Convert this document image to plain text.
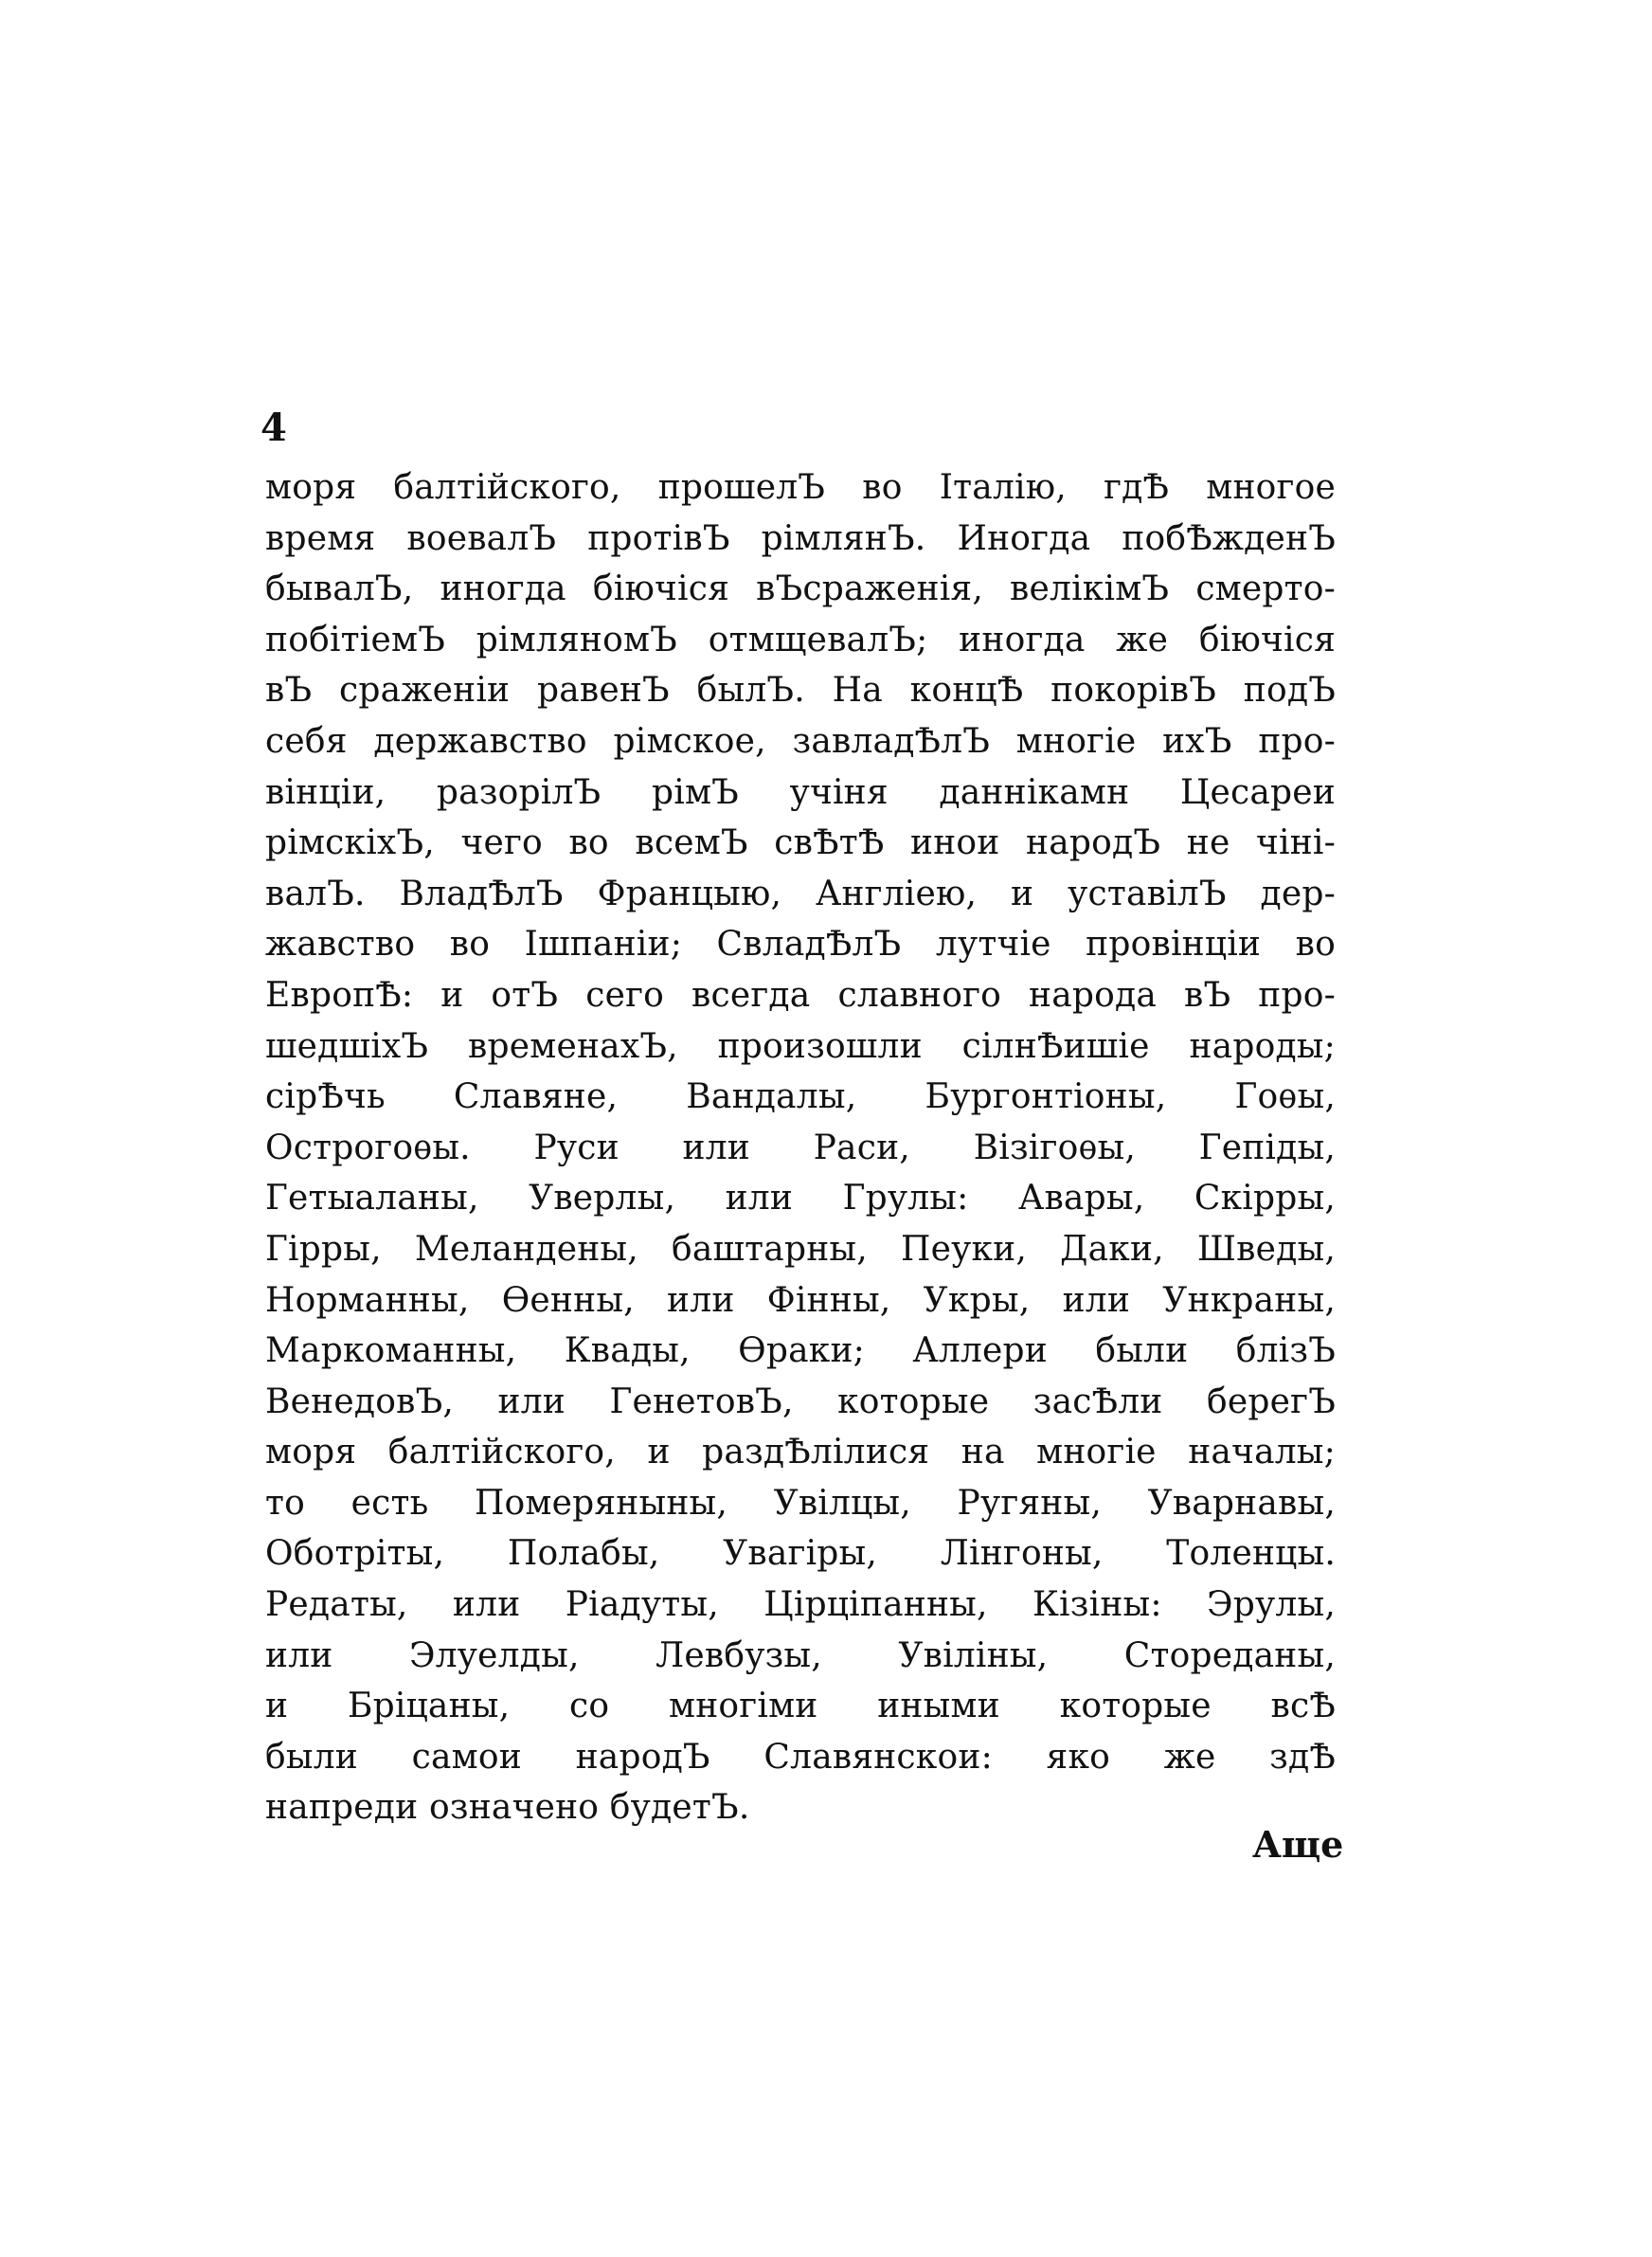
4
моря балтійского, прошелЪ во Італію, гдѢ многое
время воевалЪ протівЪ рімлянЪ. Иногда побѢжденЪ
бывалЪ, иногда біючіся вЪсраженія, велікімЪ смерто-
побітіемЪ рімляномЪ отмщевалЪ; иногда же біючіся
вЪ сраженіи равенЪ былЪ. На концѢ покорівЪ подЪ
себя державство рімское, завладѢлЪ многіе ихЪ про-
вінціи, разорілЪ рімЪ учіня даннікамн Цесареи
рімскіхЪ, чего во всемЪ свѢтѢ инои народЪ не чіні-
валЪ. ВладѢлЪ Францыю, Англіею, и уставілЪ дер-
жавство во Ішпаніи; СвладѢлЪ лутчіе провінціи во
ЕвропѢ: и отЪ сего всегда славного народа вЪ про-
шедшіхЪ временахЪ, произошли сілнѢишіе народы;
сірѢчь Славяне, Вандалы, Бургонтіоны, Гоѳы,
Острогоѳы. Руси или Раси, Візігоѳы, Гепіды,
Гетыаланы, Уверлы, или Грулы: Авары, Скірры,
Гірры, Меландены, баштарны, Пеуки, Даки, Шведы,
Норманны, Ѳенны, или Фінны, Укры, или Ункраны,
Маркоманны, Квады, Ѳраки; Аллери были блізЪ
ВенедовЪ, или ГенетовЪ, которые засѢли берегЪ
моря балтійского, и раздѢлілися на многіе началы;
то есть Померяныны, Увілцы, Ругяны, Уварнавы,
Оботріты, Полабы, Увагіры, Лінгоны, Толенцы.
Редаты, или Ріадуты, Цірціпанны, Кізіны: Эрулы,
или Элуелды, Левбузы, Увіліны, Стореданы,
и Бріцаны, со многіми иными которые всѢ
были самои народЪ Славянскои: яко же здѢ
напреди означено будетЪ.
Аще
